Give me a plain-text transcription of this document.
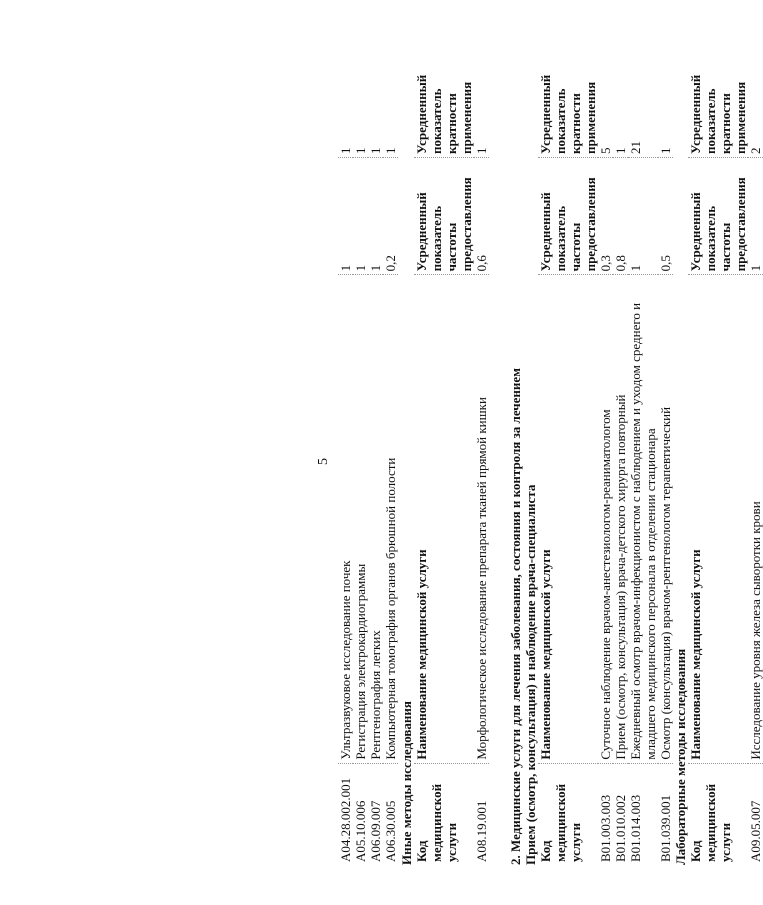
5
A04.28.002.001	Ультразвуковое исследование почек	1	1
A05.10.006	Регистрация электрокардиограммы	1	1
A06.09.007	Рентгенография легких	1	1
A06.30.005	Компьютерная томография органов брюшной полости	0,2	1
Иные методы исследования Код медицинской услуги	Наименование медицинской услуги	Усредненный показатель частоты предоставления	Усредненный показатель кратности применения
A08.19.001	Морфологическое исследование препарата тканей прямой кишки	0,6	1
2. Медицинские услуги для лечения заболевания, состояния и контроля за лечением Прием (осмотр, консультация) и наблюдение врача-специалиста Код медицинской услуги	Наименование медицинской услуги	Усредненный показатель частоты предоставления	Усредненный показатель кратности применения
B01.003.003	Суточное наблюдение врачом-анестезиологом-реаниматологом	0,3	5
B01.010.002	Прием (осмотр, консультация) врача-детского хирурга повторный	0,8	1
B01.014.003	Ежедневный осмотр врачом-инфекционистом с наблюдением и уходом среднего и младшего медицинского персонала в отделении стационара	1	21
B01.039.001	Осмотр (консультация) врачом-рентгенологом терапевтический	0,5	1
Код медицинской услуги	Наименование медицинской услуги	Усредненный показатель частоты предоставления	Усредненный показатель кратности применения
A09.05.007	Исследование уровня железа сыворотки крови	1	2
Лабораторные методы исследования
